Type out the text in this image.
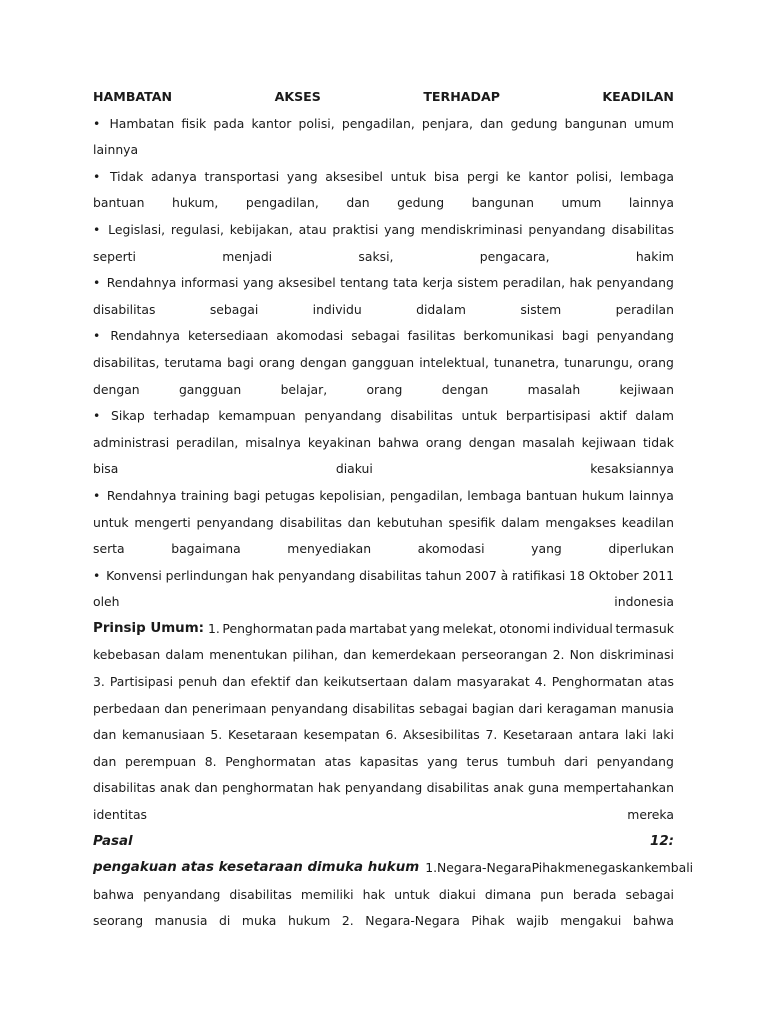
HAMBATAN	AKSES	TERHADAP	KEADILAN
• Hambatan fisik pada kantor polisi, pengadilan, penjara, dan gedung bangunan umum
lainnya
• Tidak adanya transportasi yang aksesibel untuk bisa pergi ke kantor polisi, lembaga
bantuan hukum, pengadilan, dan gedung bangunan umum lainnya
• Legislasi, regulasi, kebijakan, atau praktisi yang mendiskriminasi penyandang disabilitas
seperti	menjadi	saksi,	pengacara,	hakim
• Rendahnya informasi yang aksesibel tentang tata kerja sistem peradilan, hak penyandang
disabilitas	sebagai	individu	didalam	sistem	peradilan
• Rendahnya ketersediaan akomodasi sebagai fasilitas berkomunikasi bagi penyandang
disabilitas, terutama bagi orang dengan gangguan intelektual, tunanetra, tunarungu, orang
dengan	gangguan	belajar,	orang	dengan	masalah	kejiwaan
• Sikap terhadap kemampuan penyandang disabilitas untuk berpartisipasi aktif dalam
administrasi peradilan, misalnya keyakinan bahwa orang dengan masalah kejiwaan tidak
bisa	diakui	kesaksiannya
• Rendahnya training bagi petugas kepolisian, pengadilan, lembaga bantuan hukum lainnya
untuk mengerti penyandang disabilitas dan kebutuhan spesifik dalam mengakses keadilan
serta	bagaimana	menyediakan	akomodasi	yang	diperlukan
• Konvensi perlindungan hak penyandang disabilitas tahun 2007 à ratifikasi 18 Oktober 2011
oleh	indonesia
Prinsip Umum: 1. Penghormatan pada martabat yang melekat, otonomi individual termasuk
kebebasan dalam menentukan pilihan, dan kemerdekaan perseorangan 2. Non diskriminasi
3. Partisipasi penuh dan efektif dan keikutsertaan dalam masyarakat 4. Penghormatan atas
perbedaan dan penerimaan penyandang disabilitas sebagai bagian dari keragaman manusia
dan kemanusiaan 5. Kesetaraan kesempatan 6. Aksesibilitas 7. Kesetaraan antara laki laki
dan perempuan 8. Penghormatan atas kapasitas yang terus tumbuh dari penyandang
disabilitas anak dan penghormatan hak penyandang disabilitas anak guna mempertahankan
identitas	mereka
Pasal	12:
pengakuan atas kesetaraan dimuka hukum 1. Negara-Negara Pihak menegaskan kembali
bahwa penyandang disabilitas memiliki hak untuk diakui dimana pun berada sebagai
seorang manusia di muka hukum 2. Negara-Negara Pihak wajib mengakui bahwa
